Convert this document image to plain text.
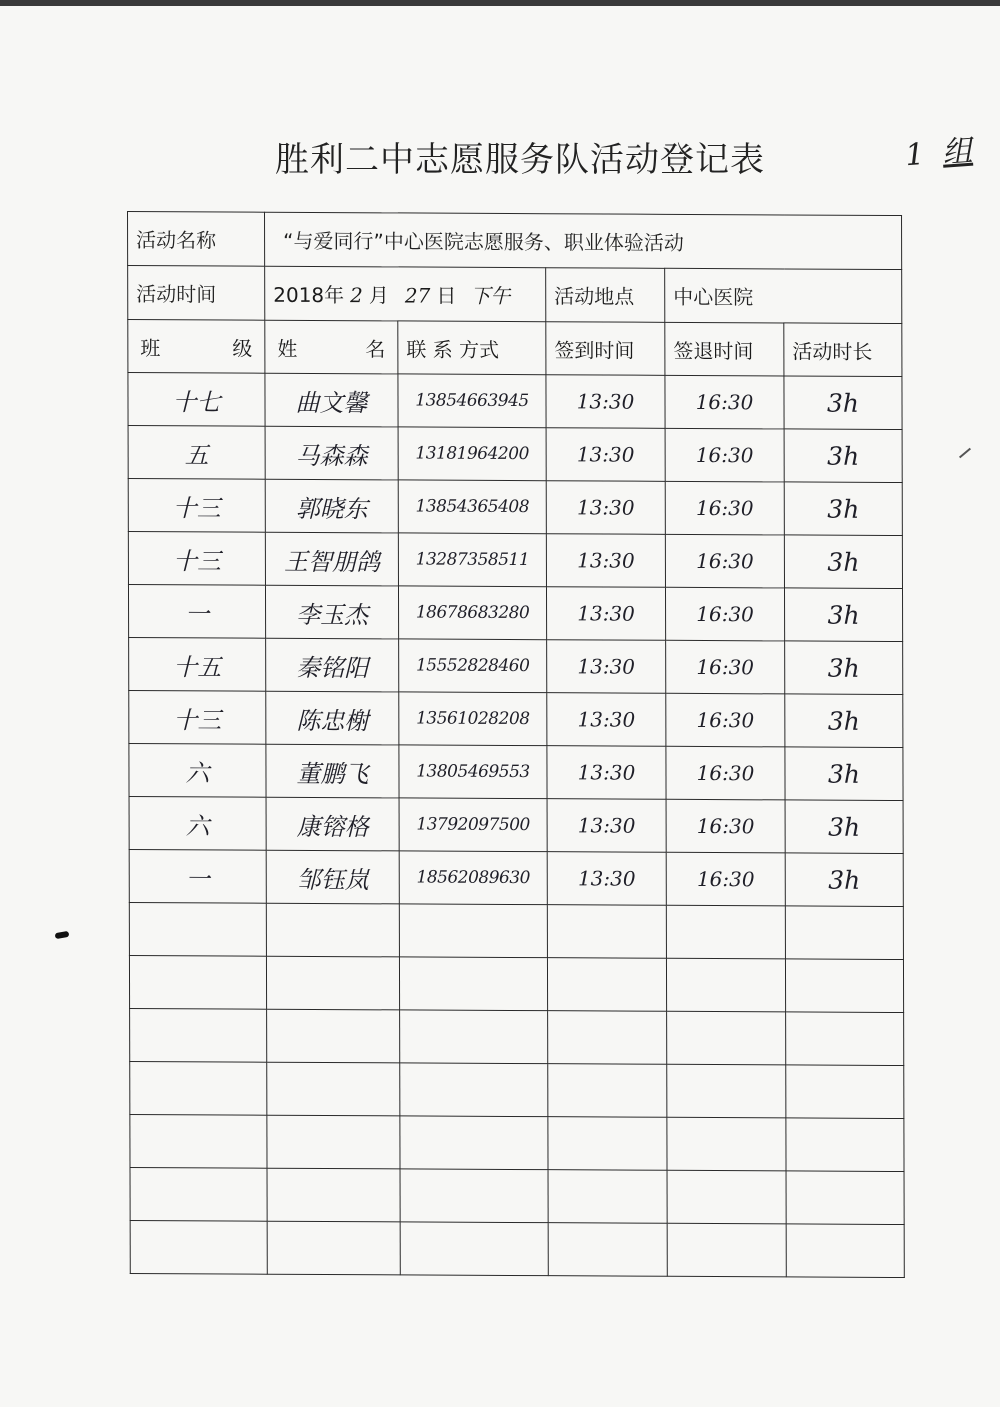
胜利二中志愿服务队活动登记表	1 组
活动名称	“与爱同行”中心医院志愿服务、职业体验活动				
活动时间	2018年 2 月 27 日 下午		活动地点	中心医院	

班 级	姓 名	联 系 方式	签到时间	签退时间	活动时长
十七	曲文馨	13854663945	13:30	16:30	3h
五	马森森	13181964200	13:30	16:30	3h
十三	郭晓东	13854365408	13:30	16:30	3h
十三	王智朋鸽	13287358511	13:30	16:30	3h
一	李玉杰	18678683280	13:30	16:30	3h
十五	秦铭阳	15552828460	13:30	16:30	3h
十三	陈忠榭	13561028208	13:30	16:30	3h
六	董鹏飞	13805469553	13:30	16:30	3h
六	康镕格	13792097500	13:30	16:30	3h
一	邹钰岚	18562089630	13:30	16:30	3h
